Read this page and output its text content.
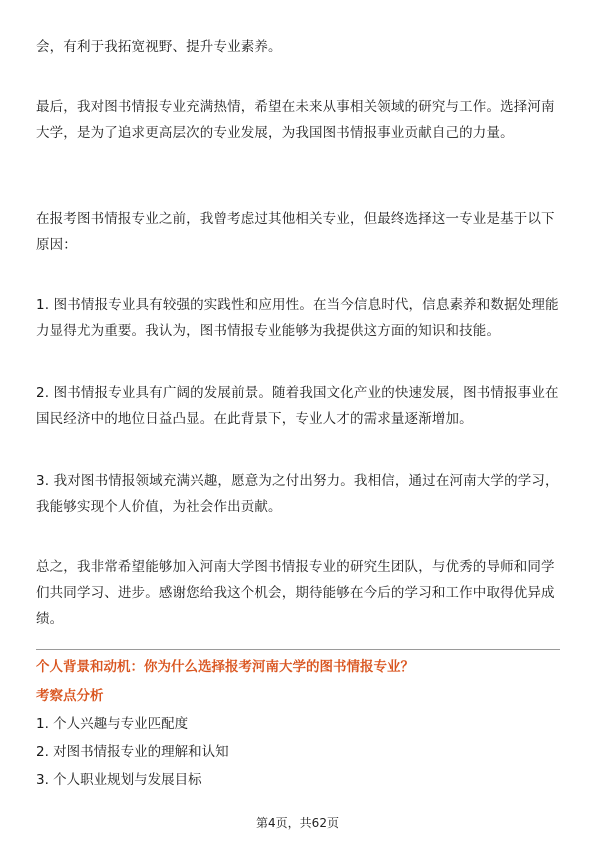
会，有利于我拓宽视野、提升专业素养。

最后，我对图书情报专业充满热情，希望在未来从事相关领域的研究与工作。选择河南大学，是为了追求更高层次的专业发展，为我国图书情报事业贡献自己的力量。

在报考图书情报专业之前，我曾考虑过其他相关专业，但最终选择这一专业是基于以下原因：

1. 图书情报专业具有较强的实践性和应用性。在当今信息时代，信息素养和数据处理能力显得尤为重要。我认为，图书情报专业能够为我提供这方面的知识和技能。

2. 图书情报专业具有广阔的发展前景。随着我国文化产业的快速发展，图书情报事业在国民经济中的地位日益凸显。在此背景下，专业人才的需求量逐渐增加。

3. 我对图书情报领域充满兴趣，愿意为之付出努力。我相信，通过在河南大学的学习，我能够实现个人价值，为社会作出贡献。

总之，我非常希望能够加入河南大学图书情报专业的研究生团队，与优秀的导师和同学们共同学习、进步。感谢您给我这个机会，期待能够在今后的学习和工作中取得优异成绩。

个人背景和动机：你为什么选择报考河南大学的图书情报专业？

考察点分析

1. 个人兴趣与专业匹配度

2. 对图书情报专业的理解和认知

3. 个人职业规划与发展目标

第4页，共62页
